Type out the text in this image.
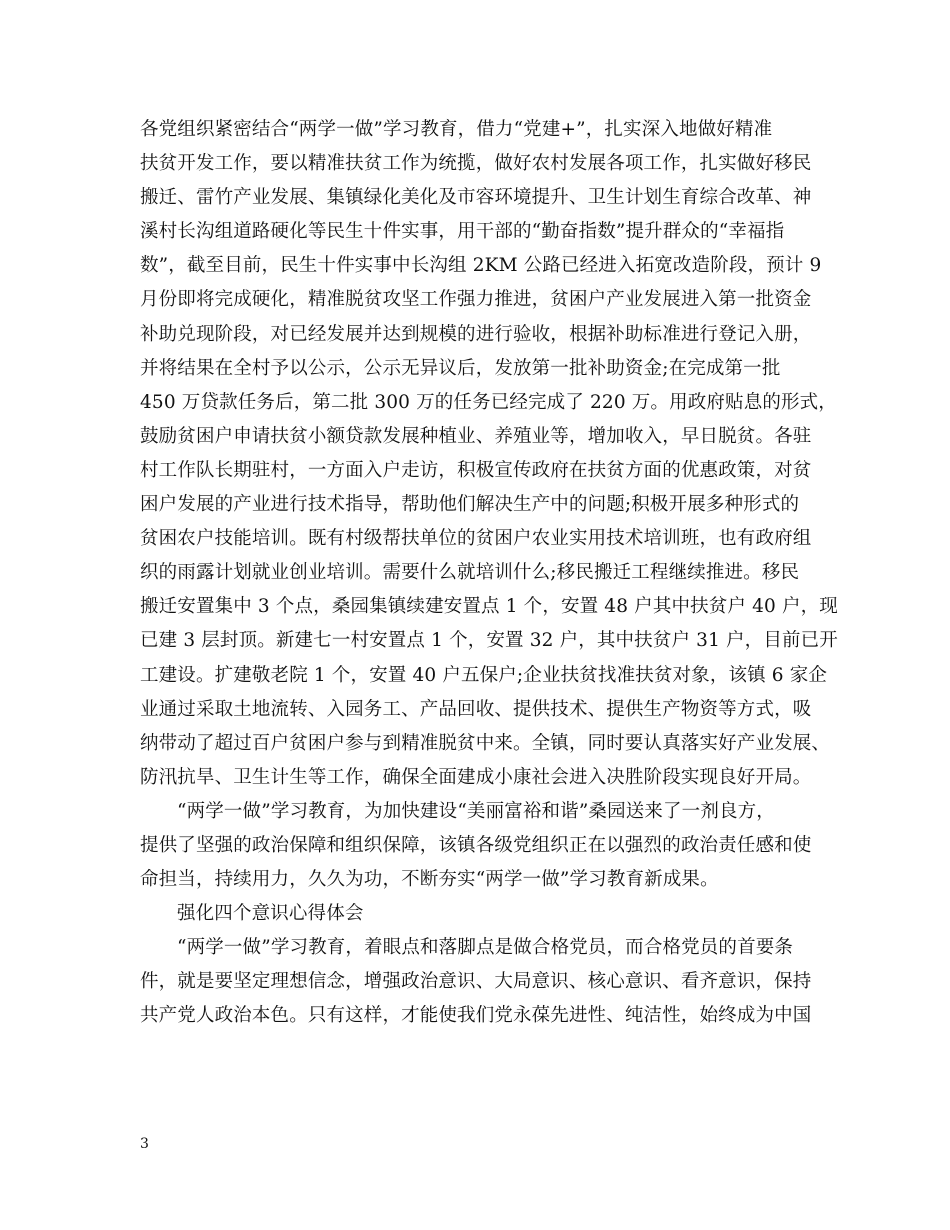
各党组织紧密结合“两学一做”学习教育，借力“党建+”，扎实深入地做好精准
扶贫开发工作，要以精准扶贫工作为统揽，做好农村发展各项工作，扎实做好移民
搬迁、雷竹产业发展、集镇绿化美化及市容环境提升、卫生计划生育综合改革、神
溪村长沟组道路硬化等民生十件实事，用干部的“勤奋指数”提升群众的“幸福指
数”，截至目前，民生十件实事中长沟组 2KM 公路已经进入拓宽改造阶段，预计 9
月份即将完成硬化，精准脱贫攻坚工作强力推进，贫困户产业发展进入第一批资金
补助兑现阶段，对已经发展并达到规模的进行验收，根据补助标准进行登记入册，
并将结果在全村予以公示，公示无异议后，发放第一批补助资金;在完成第一批
450 万贷款任务后，第二批 300 万的任务已经完成了 220 万。用政府贴息的形式，
鼓励贫困户申请扶贫小额贷款发展种植业、养殖业等，增加收入，早日脱贫。各驻
村工作队长期驻村，一方面入户走访，积极宣传政府在扶贫方面的优惠政策，对贫
困户发展的产业进行技术指导，帮助他们解决生产中的问题;积极开展多种形式的
贫困农户技能培训。既有村级帮扶单位的贫困户农业实用技术培训班，也有政府组
织的雨露计划就业创业培训。需要什么就培训什么;移民搬迁工程继续推进。移民
搬迁安置集中 3 个点，桑园集镇续建安置点 1 个，安置 48 户其中扶贫户 40 户，现
已建 3 层封顶。新建七一村安置点 1 个，安置 32 户，其中扶贫户 31 户，目前已开
工建设。扩建敬老院 1 个，安置 40 户五保户;企业扶贫找准扶贫对象，该镇 6 家企
业通过采取土地流转、入园务工、产品回收、提供技术、提供生产物资等方式，吸
纳带动了超过百户贫困户参与到精准脱贫中来。全镇，同时要认真落实好产业发展、
防汛抗旱、卫生计生等工作，确保全面建成小康社会进入决胜阶段实现良好开局。
“两学一做”学习教育，为加快建设“美丽富裕和谐”桑园送来了一剂良方，
提供了坚强的政治保障和组织保障，该镇各级党组织正在以强烈的政治责任感和使
命担当，持续用力，久久为功，不断夯实“两学一做”学习教育新成果。
强化四个意识心得体会
“两学一做”学习教育，着眼点和落脚点是做合格党员，而合格党员的首要条
件，就是要坚定理想信念，增强政治意识、大局意识、核心意识、看齐意识，保持
共产党人政治本色。只有这样，才能使我们党永葆先进性、纯洁性，始终成为中国
3
